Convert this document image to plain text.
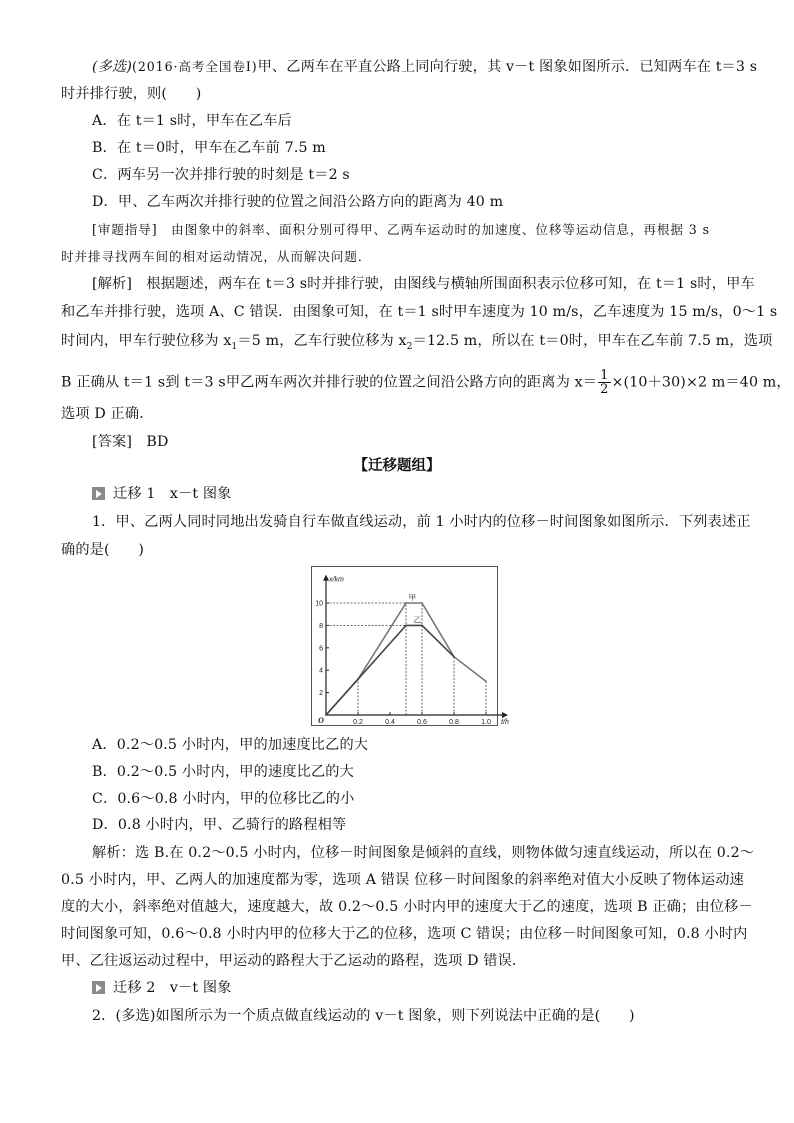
(多选)(2016·高考全国卷Ⅰ)甲、乙两车在平直公路上同向行驶，其 v－t 图象如图所示．已知两车在 t＝3 s
时并排行驶，则(　　)
A．在 t＝1 s时，甲车在乙车后
B．在 t＝0时，甲车在乙车前 7.5 m
C．两车另一次并排行驶的时刻是 t＝2 s
D．甲、乙车两次并排行驶的位置之间沿公路方向的距离为 40 m
[审题指导]　由图象中的斜率、面积分别可得甲、乙两车运动时的加速度、位移等运动信息，再根据 3 s
时并排寻找两车间的相对运动情况，从而解决问题．
[解析]　根据题述，两车在 t＝3 s时并排行驶，由图线与横轴所围面积表示位移可知，在 t＝1 s时，甲车
和乙车并排行驶，选项 A、C 错误．由图象可知，在 t＝1 s时甲车速度为 10 m/s，乙车速度为 15 m/s，0～1 s
时间内，甲车行驶位移为 $x_1=5$ m，乙车行驶位移为 $x_2=12.5$ m，所以在 t＝0时，甲车在乙车前 7.5 m，选项
B 正确从 t＝1 s到 t＝3 s甲乙两车两次并排行驶的位置之间沿公路方向的距离为 $x= \frac{1}{2} \times(10+30)\times 2$ m＝40 m，
选项 D 正确．
[答案]　BD
【迁移题组】
迁移 1　x－t 图象
1．甲、乙两人同时同地出发骑自行车做直线运动，前 1 小时内的位移－时间图象如图所示．下列表述正
确的是(　　)
0.2	0.4	0.6	0.8	1.0
2
4
6
8
10
O
x/km
t/h
甲
乙
A．0.2～0.5 小时内，甲的加速度比乙的大
B．0.2～0.5 小时内，甲的速度比乙的大
C．0.6～0.8 小时内，甲的位移比乙的小
D．0.8 小时内，甲、乙骑行的路程相等
解析：选 B.在 0.2～0.5 小时内，位移－时间图象是倾斜的直线，则物体做匀速直线运动，所以在 0.2～
0.5 小时内，甲、乙两人的加速度都为零，选项 A 错误 位移－时间图象的斜率绝对值大小反映了物体运动速
度的大小，斜率绝对值越大，速度越大，故 0.2～0.5 小时内甲的速度大于乙的速度，选项 B 正确；由位移－
时间图象可知，0.6～0.8 小时内甲的位移大于乙的位移，选项 C 错误；由位移－时间图象可知，0.8 小时内
甲、乙往返运动过程中，甲运动的路程大于乙运动的路程，选项 D 错误．
迁移 2　v－t 图象
2．(多选)如图所示为一个质点做直线运动的 v－t 图象，则下列说法中正确的是(　　)
